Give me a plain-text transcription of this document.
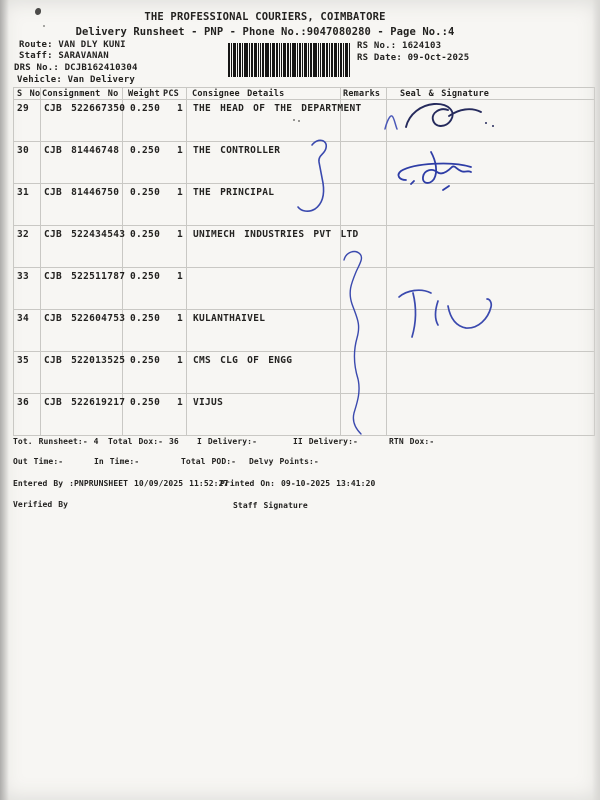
THE PROFESSIONAL COURIERS, COIMBATORE
Delivery Runsheet - PNP - Phone No.:9047080280 - Page No.:4
Route: VAN DLY KUNI
Staff: SARAVANAN
DRS No.: DCJB162410304
Vehicle: Van Delivery
RS No.: 1624103
RS Date: 09-Oct-2025
S No Consignment No Weight PCS Consignee Details	Remarks Seal & Signature
29 CJB 522667350 0.250 1 THE HEAD OF THE DEPARTMENT
30 CJB 81446748 0.250 1 THE CONTROLLER
31 CJB 81446750 0.250 1 THE PRINCIPAL
32 CJB 522434543 0.250 1 UNIMECH INDUSTRIES PVT LTD
33 CJB 522511787 0.250 1
34 CJB 522604753 0.250 1 KULANTHAIVEL
35 CJB 522013525 0.250 1 CMS CLG OF ENGG
36 CJB 522619217 0.250 1 VIJUS
Tot. Runsheet:- 4 Total Dox:- 36 I Delivery:-	II Delivery:-	RTN Dox:-
Out Time:-	In Time:-	Total POD:- Delvy Points:-
Entered By :PNPRUNSHEET 10/09/2025 11:52:27
Printed On: 09-10-2025 13:41:20
Verified By	Staff Signature
